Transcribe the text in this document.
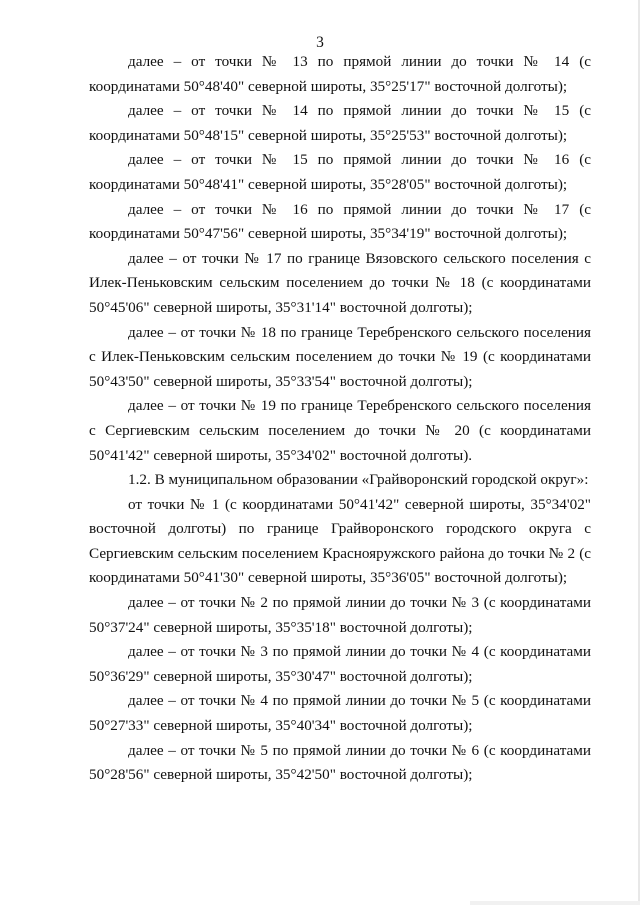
3

далее – от точки № 13 по прямой линии до точки № 14 (с координатами 50°48'40" северной широты, 35°25'17" восточной долготы);

далее – от точки № 14 по прямой линии до точки № 15 (с координатами 50°48'15" северной широты, 35°25'53" восточной долготы);

далее – от точки № 15 по прямой линии до точки № 16 (с координатами 50°48'41" северной широты, 35°28'05" восточной долготы);

далее – от точки № 16 по прямой линии до точки № 17 (с координатами 50°47'56" северной широты, 35°34'19" восточной долготы);

далее – от точки № 17 по границе Вязовского сельского поселения с Илек-Пеньковским сельским поселением до точки № 18 (с координатами 50°45'06" северной широты, 35°31'14" восточной долготы);

далее – от точки № 18 по границе Теребренского сельского поселения с Илек-Пеньковским сельским поселением до точки № 19 (с координатами 50°43'50" северной широты, 35°33'54" восточной долготы);

далее – от точки № 19 по границе Теребренского сельского поселения с Сергиевским сельским поселением до точки № 20 (с координатами 50°41'42" северной широты, 35°34'02" восточной долготы).

1.2. В муниципальном образовании «Грайворонский городской округ»:

от точки № 1 (с координатами 50°41'42" северной широты, 35°34'02" восточной долготы) по границе Грайворонского городского округа с Сергиевским сельским поселением Краснояружского района до точки № 2 (с координатами 50°41'30" северной широты, 35°36'05" восточной долготы);

далее – от точки № 2 по прямой линии до точки № 3 (с координатами 50°37'24" северной широты, 35°35'18" восточной долготы);

далее – от точки № 3 по прямой линии до точки № 4 (с координатами 50°36'29" северной широты, 35°30'47" восточной долготы);

далее – от точки № 4 по прямой линии до точки № 5 (с координатами 50°27'33" северной широты, 35°40'34" восточной долготы);

далее – от точки № 5 по прямой линии до точки № 6 (с координатами 50°28'56" северной широты, 35°42'50" восточной долготы);
